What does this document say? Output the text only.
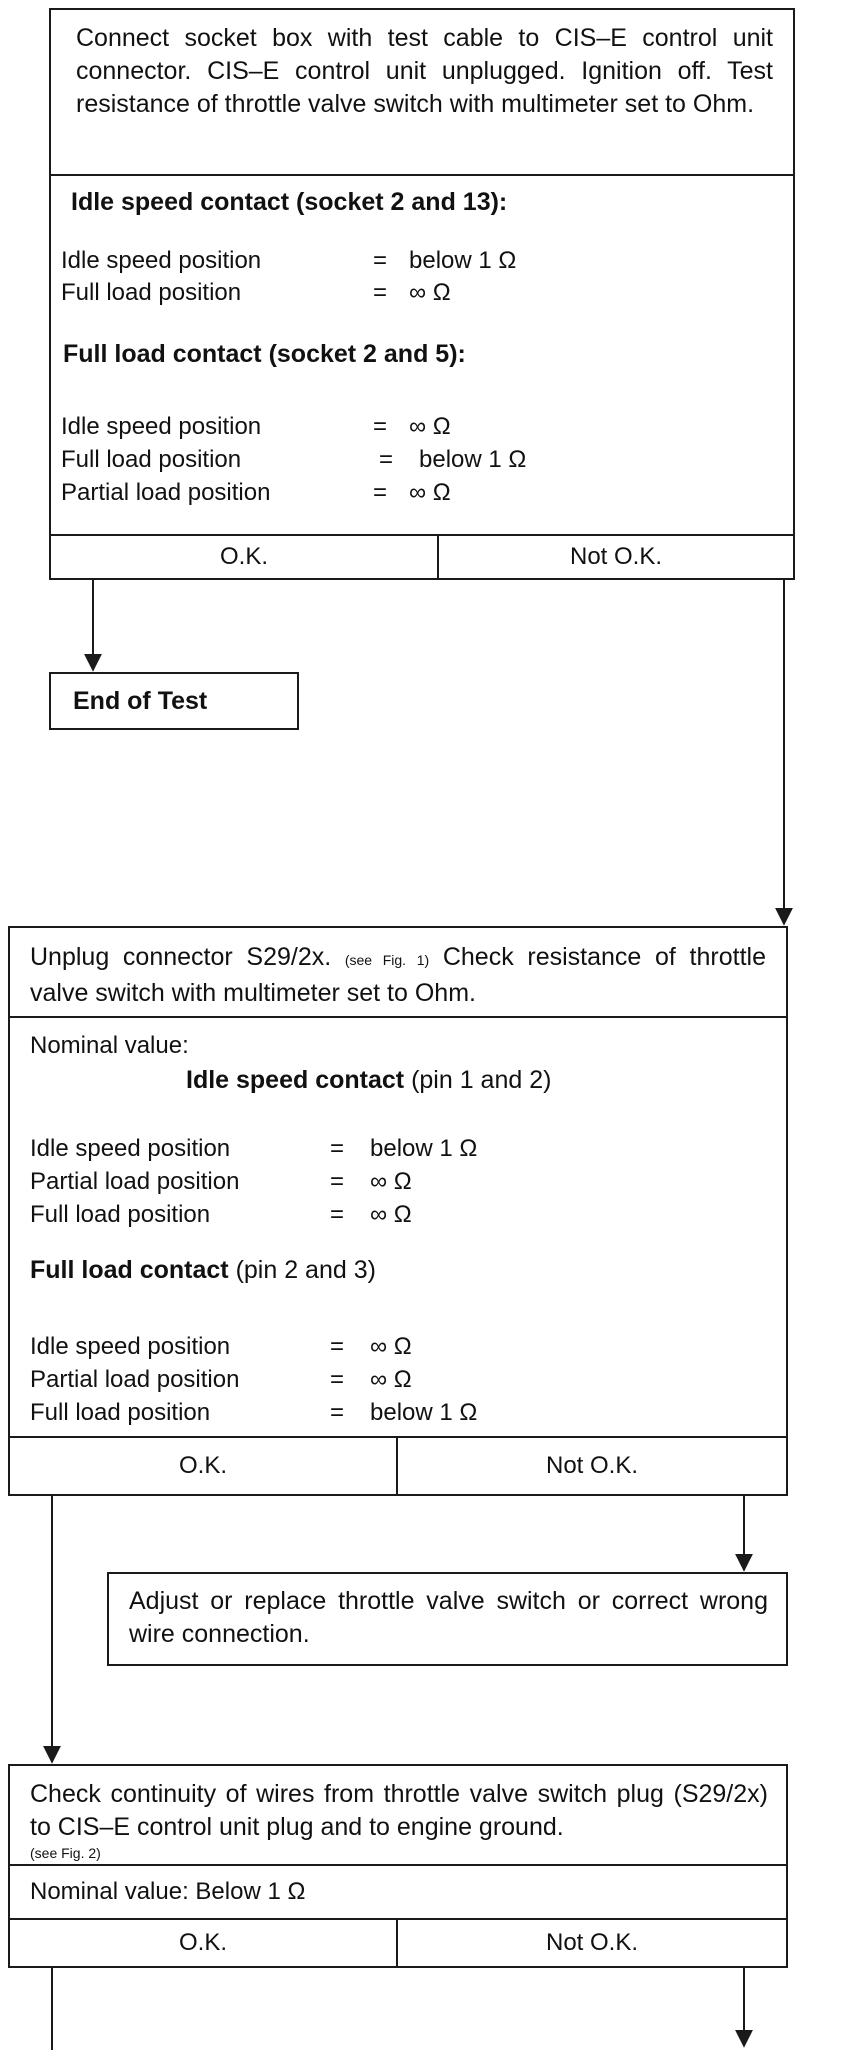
Connect socket box with test cable to CIS–E control unit connector. CIS–E control unit unplugged. Ignition off. Test resistance of throttle valve switch with multimeter set to Ohm.
Idle speed contact (socket 2 and 13):
Idle speed position	= below 1 Ω
Full load position	= ∞ Ω
Full load contact (socket 2 and 5):
Idle speed position	= ∞ Ω
Full load position	= below 1 Ω
Partial load position	= ∞ Ω
O.K.	Not O.K.
End of Test
Unplug connector S29/2x. (see Fig. 1) Check resistance of throttle valve switch with multimeter set to Ohm.
Nominal value:
Idle speed contact (pin 1 and 2)
Idle speed position	= below 1 Ω
Partial load position	= ∞ Ω
Full load position	= ∞ Ω
Full load contact (pin 2 and 3)
Idle speed position	= ∞ Ω
Partial load position	= ∞ Ω
Full load position	= below 1 Ω
O.K.	Not O.K.
Adjust or replace throttle valve switch or correct wrong wire connection.
Check continuity of wires from throttle valve switch plug (S29/2x) to CIS–E control unit plug and to engine ground.
$^{(see Fig. 2)}$
Nominal value: Below 1 Ω
O.K.	Not O.K.
